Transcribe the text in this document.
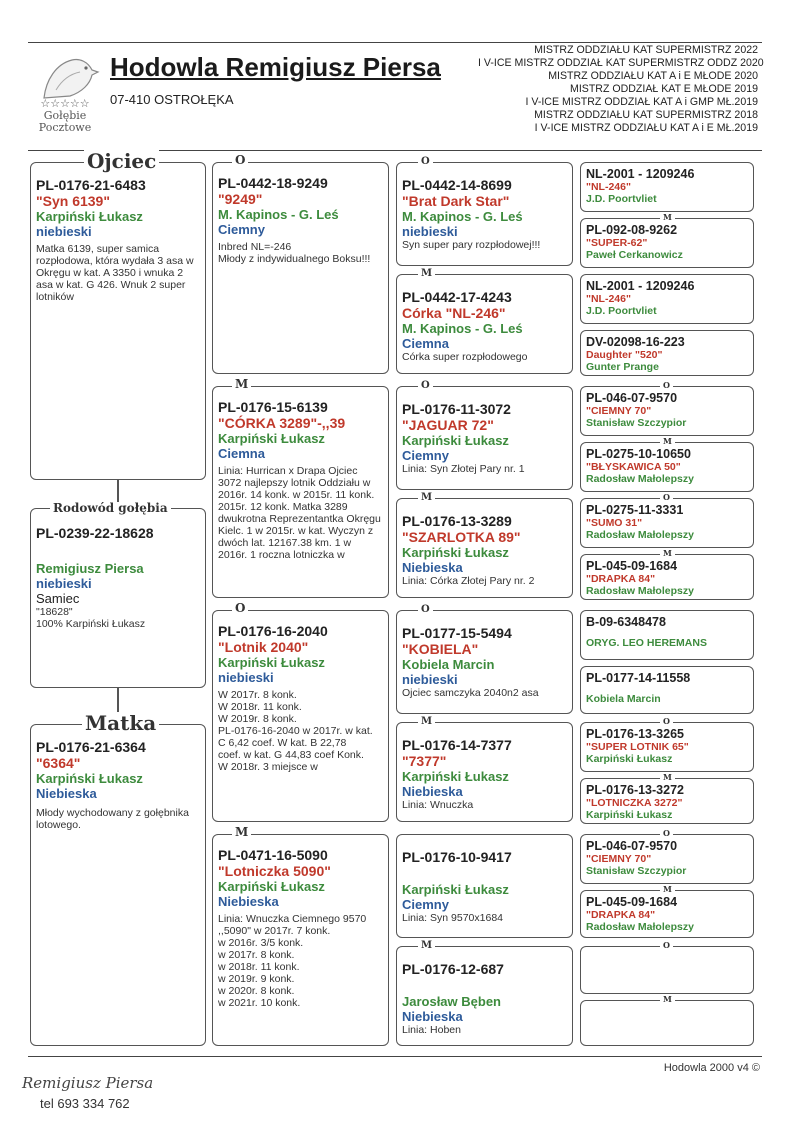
☆☆☆☆☆
Gołębie
Pocztowe
Hodowla Remigiusz Piersa
07-410 OSTROŁĘKA
MISTRZ ODDZIAŁU KAT SUPERMISTRZ 2022
I V-ICE MISTRZ ODDZIAŁ KAT SUPERMISTRZ ODDZ 2020
MISTRZ ODDZIAŁU KAT A i E MŁODE 2020
MISTRZ ODDZIAŁ KAT E MŁODE 2019
I V-ICE MISTRZ ODDZIAŁ KAT A i GMP MŁ.2019
MISTRZ ODDZIAŁU KAT SUPERMISTRZ 2018
I V-ICE MISTRZ ODDZIAŁU KAT A i E MŁ.2019
PL-0176-21-6483
"Syn 6139"
Karpiński Łukasz
niebieski
Matka 6139, super samica rozpłodowa, która wydała 3 asa w Okręgu w kat. A 3350 i wnuka 2 asa w kat. G 426. Wnuk 2 super lotników
Ojciec
PL-0239-22-18628
Remigiusz Piersa
niebieski
Samiec
"18628"
100% Karpiński Łukasz
Rodowód gołębia
PL-0176-21-6364
"6364"
Karpiński Łukasz
Niebieska
Młody wychodowany z gołębnika lotowego.
Matka
PL-0442-18-9249
"9249"
M. Kapinos - G. Leś
Ciemny
Inbred NL=-246
Młody z indywidualnego Boksu!!!
O
PL-0176-15-6139
"CÓRKA 3289"-,,39
Karpiński Łukasz
Ciemna
Linia: Hurrican x Drapa Ojciec 3072 najlepszy lotnik Oddziału w 2016r. 14 konk. w 2015r. 11 konk. 2015r. 12 konk. Matka 3289 dwukrotna Reprezentantka Okręgu Kielc. 1 w 2015r. w kat. Wyczyn z dwóch lat. 12167.38 km. 1 w 2016r. 1 roczna lotniczka w
M
PL-0176-16-2040
"Lotnik 2040"
Karpiński Łukasz
niebieski
W 2017r. 8 konk.
W 2018r. 11 konk.
W 2019r. 8 konk.
PL-0176-16-2040 w 2017r. w kat. C 6,42 coef. W kat. B 22,78
coef. w kat. G 44,83 coef Konk.
W 2018r. 3 miejsce w
O
PL-0471-16-5090
"Lotniczka 5090"
Karpiński Łukasz
Niebieska
Linia: Wnuczka Ciemnego 9570
,,5090" w 2017r. 7 konk.
w 2016r. 3/5 konk.
w 2017r. 8 konk.
w 2018r. 11 konk.
w 2019r. 9 konk.
w 2020r. 8 konk.
w 2021r. 10 konk.
M
PL-0442-14-8699
"Brat Dark Star"
M. Kapinos - G. Leś
niebieski
Syn super pary rozpłodowej!!!
O
PL-0442-17-4243
Córka "NL-246"
M. Kapinos - G. Leś
Ciemna
Córka super rozpłodowego
M
PL-0176-11-3072
"JAGUAR 72"
Karpiński Łukasz
Ciemny
Linia: Syn Złotej Pary nr. 1
O
PL-0176-13-3289
"SZARLOTKA 89"
Karpiński Łukasz
Niebieska
Linia: Córka Złotej Pary nr. 2
M
PL-0177-15-5494
"KOBIELA"
Kobiela Marcin
niebieski
Ojciec samczyka 2040n2 asa
O
PL-0176-14-7377
"7377"
Karpiński Łukasz
Niebieska
Linia: Wnuczka
M
PL-0176-10-9417
Karpiński Łukasz
Ciemny
Linia: Syn 9570x1684
PL-0176-12-687
Jarosław Bęben
Niebieska
Linia: Hoben
M
NL-2001 - 1209246
"NL-246"
J.D. Poortvliet
PL-092-08-9262
"SUPER-62"
Paweł Cerkanowicz
M
NL-2001 - 1209246
"NL-246"
J.D. Poortvliet
DV-02098-16-223
Daughter "520"
Gunter Prange
PL-046-07-9570
"CIEMNY 70"
Stanisław Szczypior
O
PL-0275-10-10650
"BŁYSKAWICA 50"
Radosław Małolepszy
M
PL-0275-11-3331
"SUMO 31"
Radosław Małolepszy
O
PL-045-09-1684
"DRAPKA 84"
Radosław Małolepszy
M
B-09-6348478
ORYG. LEO HEREMANS
PL-0177-14-11558
Kobiela Marcin
PL-0176-13-3265
"SUPER LOTNIK 65"
Karpiński Łukasz
O
PL-0176-13-3272
"LOTNICZKA 3272"
Karpiński Łukasz
M
PL-046-07-9570
"CIEMNY 70"
Stanisław Szczypior
O
PL-045-09-1684
"DRAPKA 84"
Radosław Małolepszy
M
O
M
Hodowla 2000 v4 ©
Remigiusz Piersa
tel 693 334 762
